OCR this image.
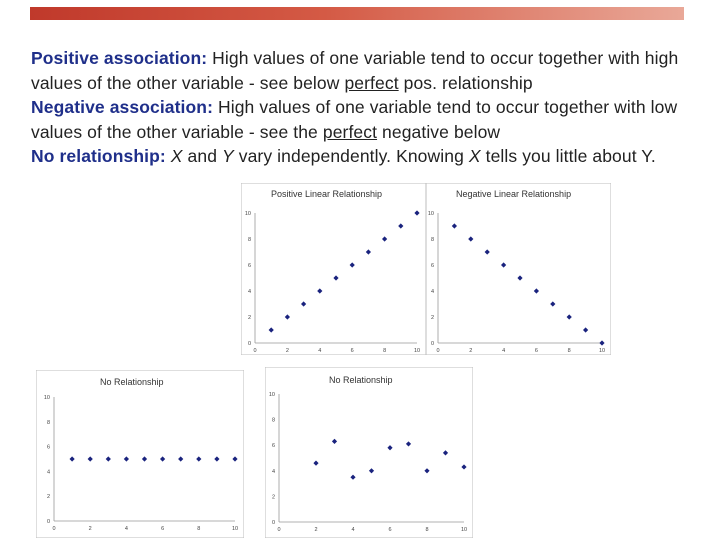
Positive association: High values of one variable tend to occur together with high values of the other variable - see below perfect pos. relationship

Negative association: High values of one variable tend to occur together with low values of the other variable - see the perfect negative below

No relationship: X and Y vary independently. Knowing X tells you little about Y.

Positive Linear Relationship
0
2
4
6
8
10
0	2	4	6	8	10
Negative Linear Relationship
0
2
4
6
8
10
0	2	4	6	8	10
No Relationship
0
2
4
6
8
10
0	2	4	6	8	10
No Relationship
0
2
4
6
8
10
0	2	4	6	8	10
